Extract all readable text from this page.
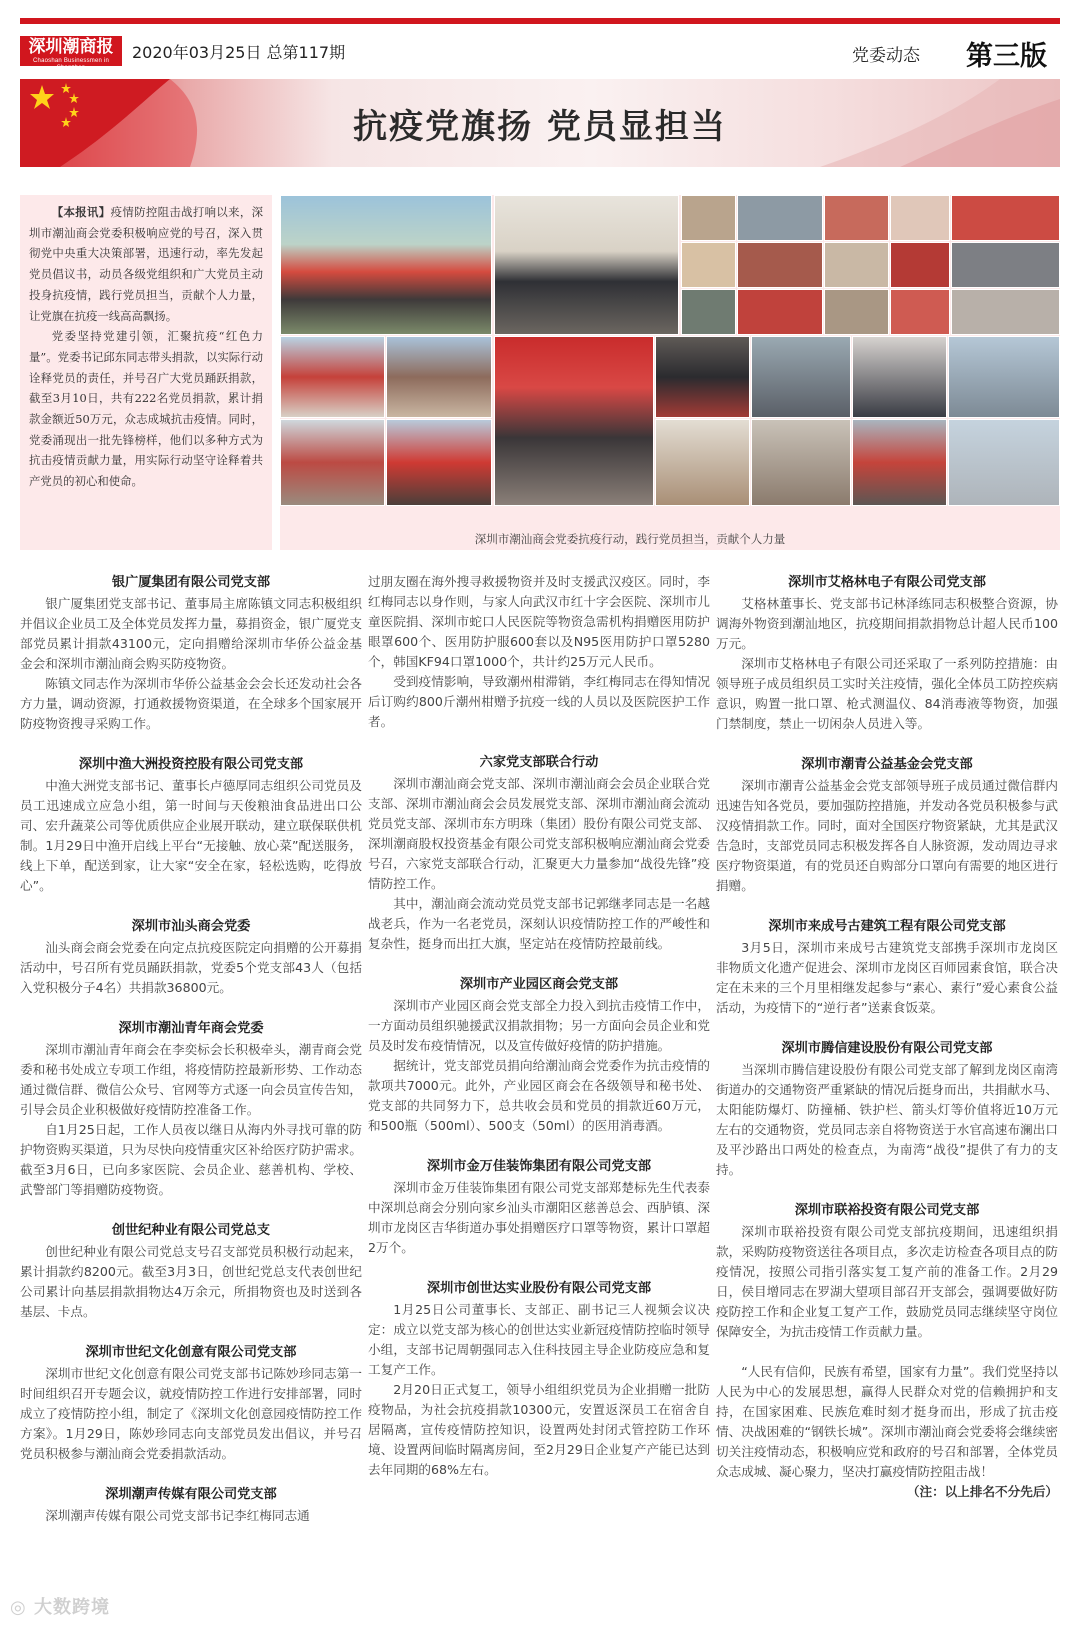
深圳潮商报
Chaoshan Businessmen in Shenzhen
2020年03月25日 总第117期	党委动态 第三版
抗疫党旗扬 党员显担当

【本报讯】疫情防控阻击战打响以来，深圳市潮汕商会党委积极响应党的号召，深入贯彻党中央重大决策部署，迅速行动，率先发起党员倡议书，动员各级党组织和广大党员主动投身抗疫情，践行党员担当，贡献个人力量，让党旗在抗疫一线高高飘扬。

党委坚持党建引领，汇聚抗疫“红色力量”。党委书记邱东同志带头捐款，以实际行动诠释党员的责任，并号召广大党员踊跃捐款，截至3月10日，共有222名党员捐款，累计捐款金额近50万元，众志成城抗击疫情。同时，党委涌现出一批先锋榜样，他们以多种方式为抗击疫情贡献力量，用实际行动坚守诠释着共产党员的初心和使命。

深圳市潮汕商会党委抗疫行动，践行党员担当，贡献个人力量
银广厦集团有限公司党支部

银广厦集团党支部书记、董事局主席陈镇文同志积极组织并倡议企业员工及全体党员发挥力量，募捐资金，银广厦党支部党员累计捐款43100元，定向捐赠给深圳市华侨公益金基金会和深圳市潮汕商会购买防疫物资。

陈镇文同志作为深圳市华侨公益基金会会长还发动社会各方力量，调动资源，打通救援物资渠道，在全球多个国家展开防疫物资搜寻采购工作。

深圳中渔大洲投资控股有限公司党支部

中渔大洲党支部书记、董事长卢德厚同志组织公司党员及员工迅速成立应急小组，第一时间与天俊粮油食品进出口公司、宏升蔬菜公司等优质供应企业展开联动，建立联保联供机制。1月29日中渔开启线上平台“无接触、放心菜”配送服务，线上下单，配送到家，让大家“安全在家，轻松选购，吃得放心”。

深圳市汕头商会党委

汕头商会商会党委在向定点抗疫医院定向捐赠的公开募捐活动中，号召所有党员踊跃捐款，党委5个党支部43人（包括入党积极分子4名）共捐款36800元。

深圳市潮汕青年商会党委

深圳市潮汕青年商会在李奕标会长积极牵头，潮青商会党委和秘书处成立专项工作组，将疫情防控最新形势、工作动态通过微信群、微信公众号、官网等方式逐一向会员宣传告知，引导会员企业积极做好疫情防控准备工作。

自1月25日起，工作人员夜以继日从海内外寻找可靠的防护物资购买渠道，只为尽快向疫情重灾区补给医疗防护需求。截至3月6日，已向多家医院、会员企业、慈善机构、学校、武警部门等捐赠防疫物资。

创世纪种业有限公司党总支

创世纪种业有限公司党总支号召支部党员积极行动起来，累计捐款约8200元。截至3月3日，创世纪党总支代表创世纪公司累计向基层捐款捐物达4万余元，所捐物资也及时送到各基层、卡点。

深圳市世纪文化创意有限公司党支部

深圳市世纪文化创意有限公司党支部书记陈妙珍同志第一时间组织召开专题会议，就疫情防控工作进行安排部署，同时成立了疫情防控小组，制定了《深圳文化创意园疫情防控工作方案》。1月29日，陈妙珍同志向支部党员发出倡议，并号召党员积极参与潮汕商会党委捐款活动。

深圳潮声传媒有限公司党支部

深圳潮声传媒有限公司党支部书记李红梅同志通

过朋友圈在海外搜寻救援物资并及时支援武汉疫区。同时，李红梅同志以身作则，与家人向武汉市红十字会医院、深圳市儿童医院捐、深圳市蛇口人民医院等物资急需机构捐赠医用防护眼罩600个、医用防护服600套以及N95医用防护口罩5280个，韩国KF94口罩1000个，共计约25万元人民币。

受到疫情影响，导致潮州柑滞销，李红梅同志在得知情况后订购约800斤潮州柑赠予抗疫一线的人员以及医院医护工作者。

六家党支部联合行动

深圳市潮汕商会党支部、深圳市潮汕商会会员企业联合党支部、深圳市潮汕商会会员发展党支部、深圳市潮汕商会流动党员党支部、深圳市东方明珠（集团）股份有限公司党支部、深圳潮商股权投资基金有限公司党支部积极响应潮汕商会党委号召，六家党支部联合行动，汇聚更大力量参加“战役先锋”疫情防控工作。

其中，潮汕商会流动党员党支部书记郭继孝同志是一名越战老兵，作为一名老党员，深刻认识疫情防控工作的严峻性和复杂性，挺身而出扛大旗，坚定站在疫情防控最前线。

深圳市产业园区商会党支部

深圳市产业园区商会党支部全力投入到抗击疫情工作中，一方面动员组织驰援武汉捐款捐物；另一方面向会员企业和党员及时发布疫情情况，以及宣传做好疫情的防护措施。

据统计，党支部党员捐向给潮汕商会党委作为抗击疫情的款项共7000元。此外，产业园区商会在各级领导和秘书处、党支部的共同努力下，总共收会员和党员的捐款近60万元，和500瓶（500ml）、500支（50ml）的医用消毒酒。

深圳市金万佳装饰集团有限公司党支部

深圳市金万佳装饰集团有限公司党支部郑楚标先生代表泰中深圳总商会分别向家乡汕头市潮阳区慈善总会、西胪镇、深圳市龙岗区吉华街道办事处捐赠医疗口罩等物资，累计口罩超2万个。

深圳市创世达实业股份有限公司党支部

1月25日公司董事长、支部正、副书记三人视频会议决定：成立以党支部为核心的创世达实业新冠疫情防控临时领导小组，支部书记周朝强同志入住科技园主导企业防疫应急和复工复产工作。

2月20日正式复工，领导小组组织党员为企业捐赠一批防疫物品，为社会抗疫捐款10300元，安置返深员工在宿舍自居隔离，宣传疫情防控知识，设置两处封闭式管控防工作环境、设置两间临时隔离房间，至2月29日企业复产产能已达到去年同期的68%左右。

深圳市艾格林电子有限公司党支部

艾格林董事长、党支部书记林泽练同志积极整合资源，协调海外物资到潮汕地区，抗疫期间捐款捐物总计超人民币100万元。

深圳市艾格林电子有限公司还采取了一系列防控措施：由领导班子成员组织员工实时关注疫情，强化全体员工防控疾病意识，购置一批口罩、枪式测温仪、84消毒液等物资，加强门禁制度，禁止一切闲杂人员进入等。

深圳市潮青公益基金会党支部

深圳市潮青公益基金会党支部领导班子成员通过微信群内迅速告知各党员，要加强防控措施，并发动各党员积极参与武汉疫情捐款工作。同时，面对全国医疗物资紧缺，尤其是武汉告急时，支部党员同志积极发挥各自人脉资源，发动周边寻求医疗物资渠道，有的党员还自购部分口罩向有需要的地区进行捐赠。

深圳市来成号古建筑工程有限公司党支部

3月5日，深圳市来成号古建筑党支部携手深圳市龙岗区非物质文化遗产促进会、深圳市龙岗区百师园素食馆，联合决定在未来的三个月里相继发起参与“素心、素行”爱心素食公益活动，为疫情下的“逆行者”送素食饭菜。

深圳市腾信建设股份有限公司党支部

当深圳市腾信建设股份有限公司党支部了解到龙岗区南湾街道办的交通物资严重紧缺的情况后挺身而出，共捐献水马、太阳能防爆灯、防撞桶、铁护栏、箭头灯等价值将近10万元左右的交通物资，党员同志亲自将物资送于水官高速布澜出口及平沙路出口两处的检查点，为南湾“战役”提供了有力的支持。

深圳市联裕投资有限公司党支部

深圳市联裕投资有限公司党支部抗疫期间，迅速组织捐款，采购防疫物资送往各项目点，多次走访检查各项目点的防疫情况，按照公司指引落实复工复产前的准备工作。2月29日，侯目增同志在罗湖大望项目部召开支部会，强调要做好防疫防控工作和企业复工复产工作，鼓励党员同志继续坚守岗位保障安全，为抗击疫情工作贡献力量。

“人民有信仰，民族有希望，国家有力量”。我们党坚持以人民为中心的发展思想，赢得人民群众对党的信赖拥护和支持，在国家困难、民族危难时刻才挺身而出，形成了抗击疫情、决战困难的“钢铁长城”。深圳市潮汕商会党委将会继续密切关注疫情动态，积极响应党和政府的号召和部署，全体党员众志成城、凝心聚力，坚决打赢疫情防控阻击战！

（注：以上排名不分先后）

◎ 大数跨境
